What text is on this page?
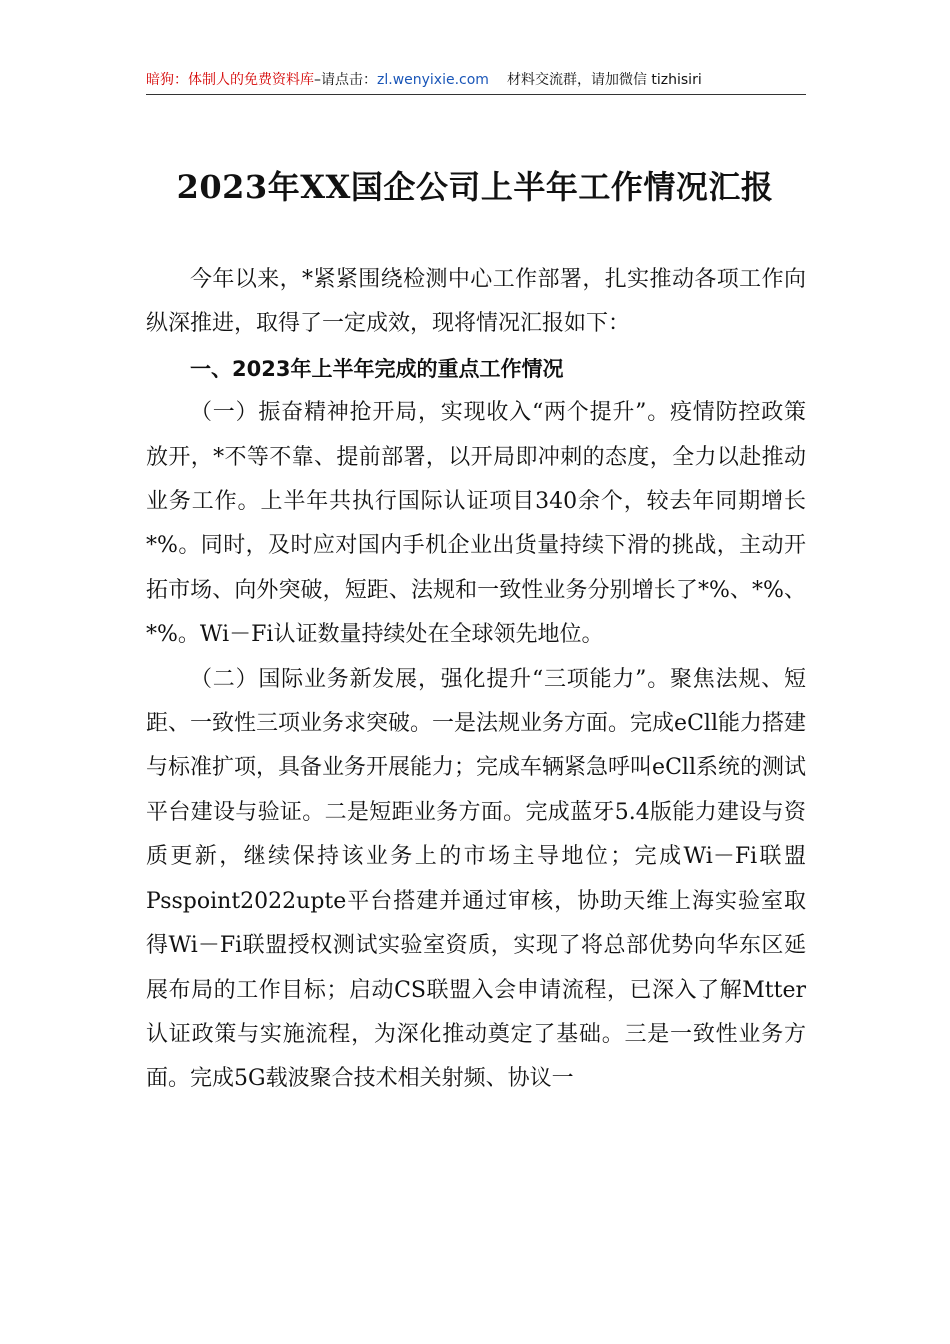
暗狗：体制人的免费资料库–请点击：zl.wenyixie.com 材料交流群，请加微信 tizhisiri
2023年XX国企公司上半年工作情况汇报

今年以来，*紧紧围绕检测中心工作部署，扎实推动各项工作向纵深推进，取得了一定成效，现将情况汇报如下：

一、2023年上半年完成的重点工作情况

（一）振奋精神抢开局，实现收入“两个提升”。疫情防控政策放开，*不等不靠、提前部署，以开局即冲刺的态度，全力以赴推动业务工作。上半年共执行国际认证项目340余个，较去年同期增长*%。同时，及时应对国内手机企业出货量持续下滑的挑战，主动开拓市场、向外突破，短距、法规和一致性业务分别增长了*%、*%、*%。Wi－Fi认证数量持续处在全球领先地位。

（二）国际业务新发展，强化提升“三项能力”。聚焦法规、短距、一致性三项业务求突破。一是法规业务方面。完成eCll能力搭建与标准扩项，具备业务开展能力；完成车辆紧急呼叫eCll系统的测试平台建设与验证。二是短距业务方面。完成蓝牙5.4版能力建设与资质更新，继续保持该业务上的市场主导地位；完成Wi－Fi联盟Psspoint2022upte平台搭建并通过审核，协助天维上海实验室取得Wi－Fi联盟授权测试实验室资质，实现了将总部优势向华东区延展布局的工作目标；启动CS联盟入会申请流程，已深入了解Mtter认证政策与实施流程，为深化推动奠定了基础。三是一致性业务方面。完成5G载波聚合技术相关射频、协议一
